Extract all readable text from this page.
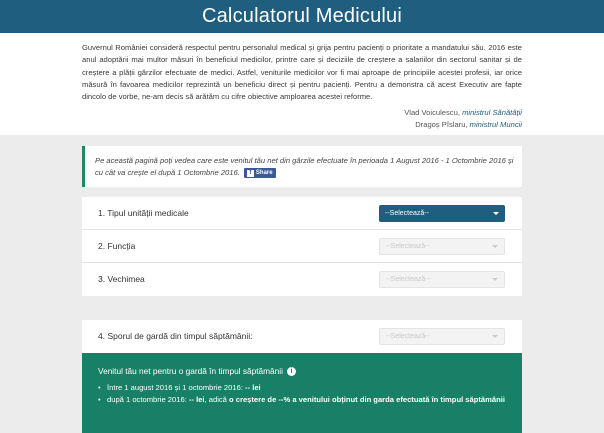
Calculatorul Medicului

Guvernul României consideră respectul pentru personalul medical și grija pentru pacienți o prioritate a mandatului său. 2016 este anul adoptării mai multor măsuri în beneficiul medicilor, printre care și deciziile de creștere a salariilor din sectorul sanitar și de creștere a plății gărzilor efectuate de medici. Astfel, veniturile medicilor vor fi mai aproape de principiile acestei profesii, iar orice măsură în favoarea medicilor reprezintă un beneficiu direct și pentru pacienți. Pentru a demonstra că acest Executiv are fapte dincolo de vorbe, ne-am decis să arătăm cu cifre obiective amploarea acestei reforme.

Vlad Voiculescu, ministrul Sănătății
Dragoș Pîslaru, ministrul Muncii

Pe această pagină poți vedea care este venitul tău net din gărzile efectuate în perioada 1 August 2016 - 1 Octombrie 2016 și cu cât va crește el după 1 Octombrie 2016. f Share

1. Tipul unității medicale	--Selectează--
2. Funcția	--Selectează--
3. Vechimea	--Selectează--
4. Sporul de gardă din timpul săptămânii:	--Selectează--
Venitul tău net pentru o gardă în timpul săptămânii i
• între 1 august 2016 și 1 octombrie 2016: -- lei
• după 1 octombrie 2016: -- lei, adică o creștere de --% a venitului obținut din garda efectuată în timpul săptămânii
